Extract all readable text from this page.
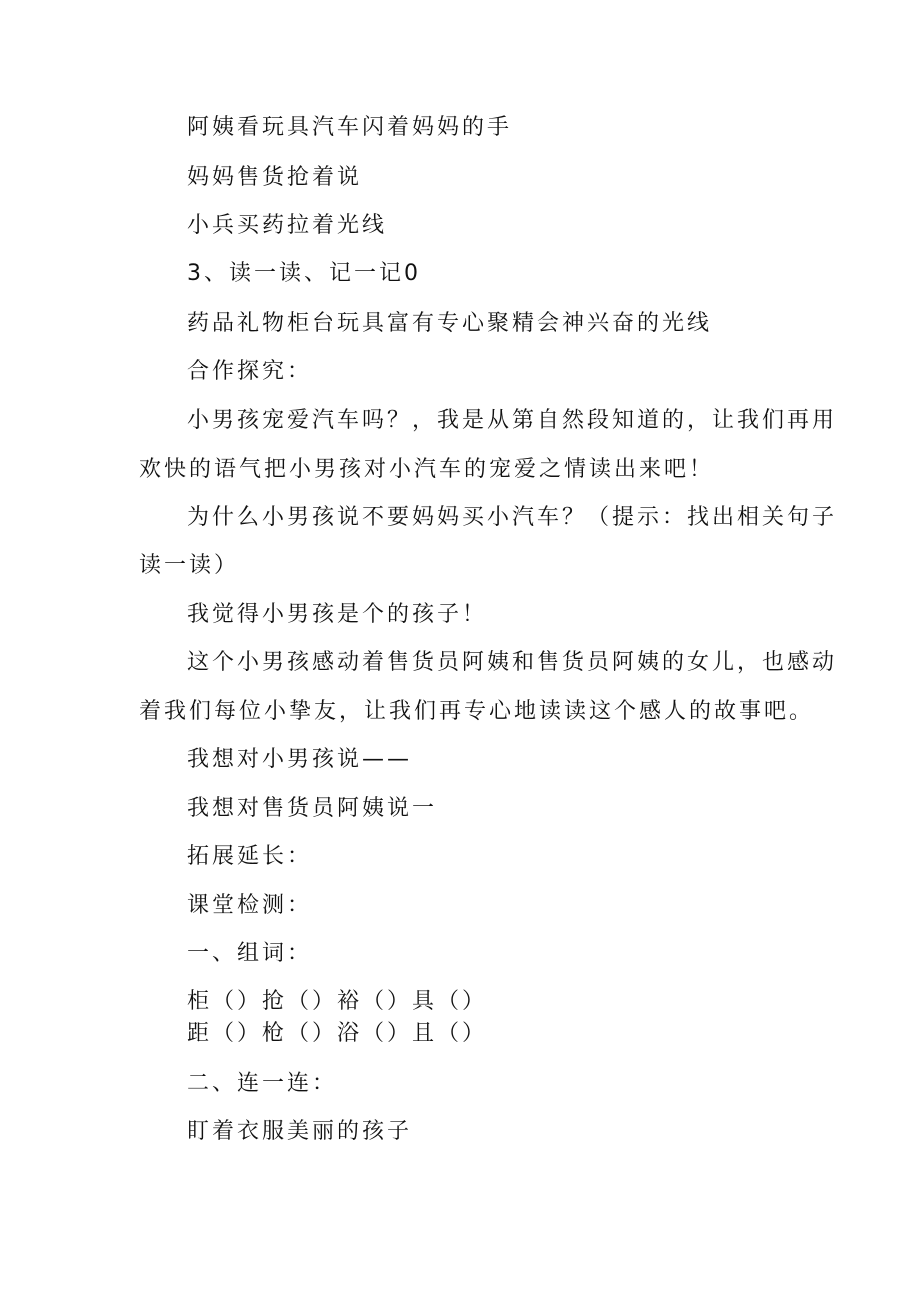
阿姨看玩具汽车闪着妈妈的手
妈妈售货抢着说
小兵买药拉着光线
3、读一读、记一记0
药品礼物柜台玩具富有专心聚精会神兴奋的光线
合作探究：
小男孩宠爱汽车吗？，我是从第自然段知道的，让我们再用
欢快的语气把小男孩对小汽车的宠爱之情读出来吧！
为什么小男孩说不要妈妈买小汽车？（提示：找出相关句子
读一读）
我觉得小男孩是个的孩子！
这个小男孩感动着售货员阿姨和售货员阿姨的女儿，也感动
着我们每位小挚友，让我们再专心地读读这个感人的故事吧。
我想对小男孩说——
我想对售货员阿姨说一
拓展延长：
课堂检测：
一、组词：
柜（）抢（）裕（）具（）
距（）枪（）浴（）且（）
二、连一连：
盯着衣服美丽的孩子
